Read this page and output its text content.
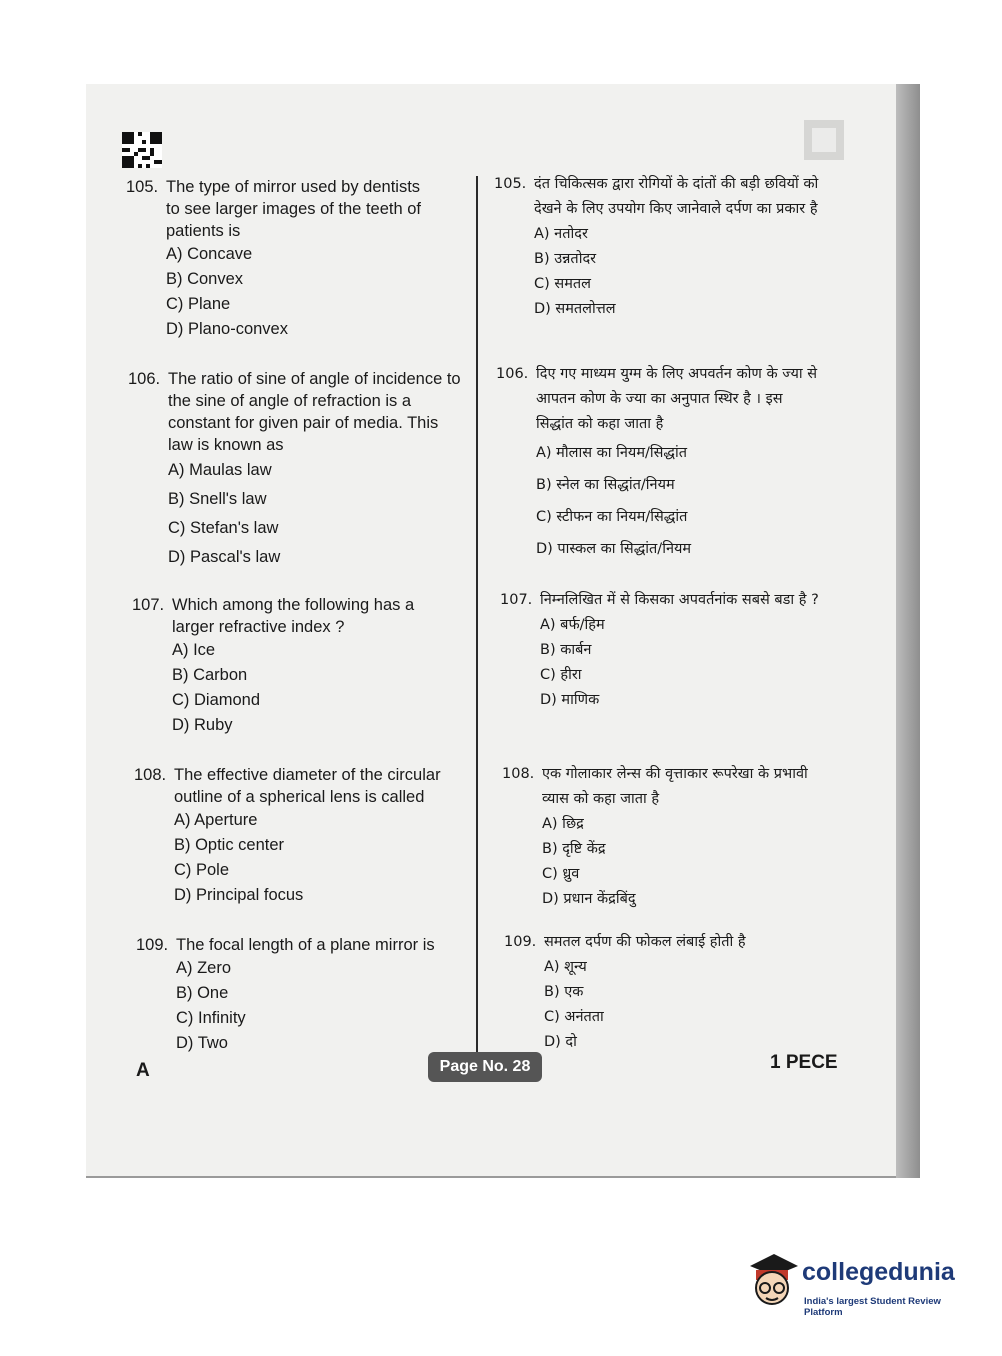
105. The type of mirror used by dentists to see larger images of the teeth of patients is
A) Concave
B) Convex
C) Plane
D) Plano-convex
106. The ratio of sine of angle of incidence to the sine of angle of refraction is a constant for given pair of media. This law is known as
A) Maulas law
B) Snell's law
C) Stefan's law
D) Pascal's law
107. Which among the following has a larger refractive index ?
A) Ice
B) Carbon
C) Diamond
D) Ruby
108. The effective diameter of the circular outline of a spherical lens is called
A) Aperture
B) Optic center
C) Pole
D) Principal focus
109. The focal length of a plane mirror is
A) Zero
B) One
C) Infinity
D) Two
105. दंत चिकित्सक द्वारा रोगियों के दांतों की बड़ी छवियों को देखने के लिए उपयोग किए जानेवाले दर्पण का प्रकार है
A) नतोदर
B) उन्नतोदर
C) समतल
D) समतलोत्तल
106. दिए गए माध्यम युग्म के लिए अपवर्तन कोण के ज्या से आपतन कोण के ज्या का अनुपात स्थिर है । इस सिद्धांत को कहा जाता है
A) मौलास का नियम/सिद्धांत
B) स्नेल का सिद्धांत/नियम
C) स्टीफन का नियम/सिद्धांत
D) पास्कल का सिद्धांत/नियम
107. निम्नलिखित में से किसका अपवर्तनांक सबसे बडा है ?
A) बर्फ/हिम
B) कार्बन
C) हीरा
D) माणिक
108. एक गोलाकार लेन्स की वृत्ताकार रूपरेखा के प्रभावी व्यास को कहा जाता है
A) छिद्र
B) दृष्टि केंद्र
C) ध्रुव
D) प्रधान केंद्रबिंदु
109. समतल दर्पण की फोकल लंबाई होती है
A) शून्य
B) एक
C) अनंतता
D) दो
A	Page No. 28	1 PECE
collegedunia
India's largest Student Review Platform
